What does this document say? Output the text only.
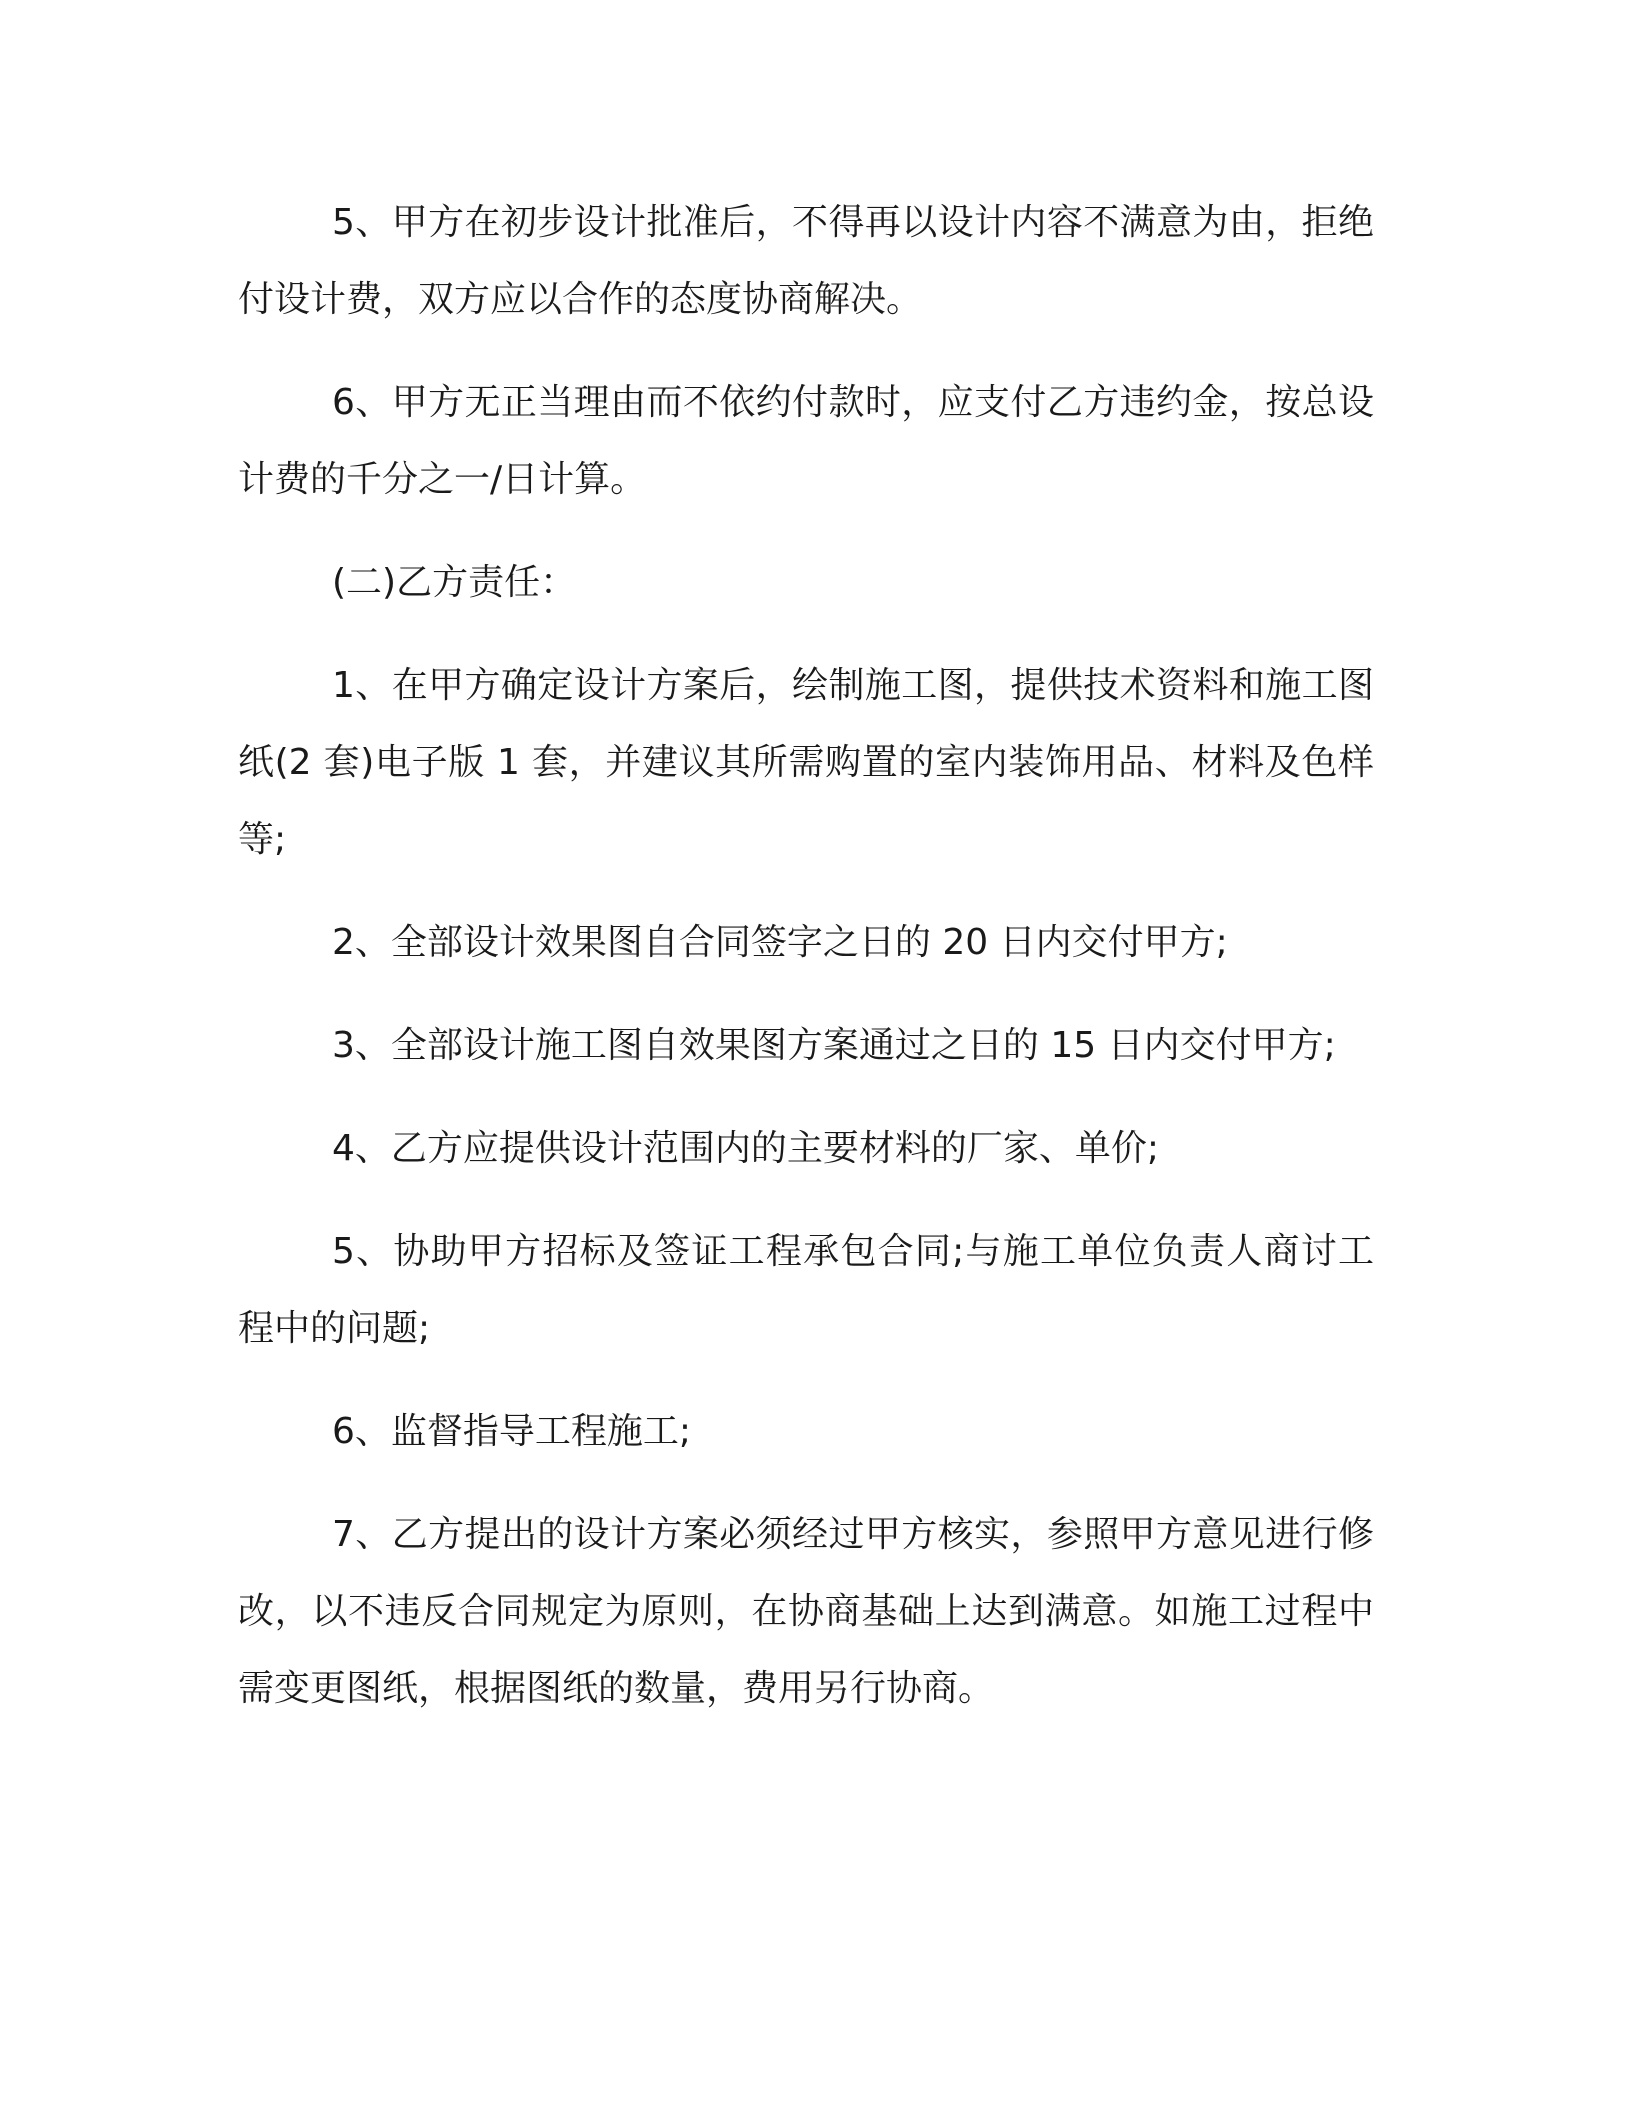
5、甲方在初步设计批准后，不得再以设计内容不满意为由，拒绝付设计费，双方应以合作的态度协商解决。

6、甲方无正当理由而不依约付款时，应支付乙方违约金，按总设计费的千分之一/日计算。

(二)乙方责任：

1、在甲方确定设计方案后，绘制施工图，提供技术资料和施工图纸(2 套)电子版 1 套，并建议其所需购置的室内装饰用品、材料及色样等;

2、全部设计效果图自合同签字之日的 20 日内交付甲方;

3、全部设计施工图自效果图方案通过之日的 15 日内交付甲方;

4、乙方应提供设计范围内的主要材料的厂家、单价;

5、协助甲方招标及签证工程承包合同;与施工单位负责人商讨工程中的问题;

6、监督指导工程施工;

7、乙方提出的设计方案必须经过甲方核实，参照甲方意见进行修改，以不违反合同规定为原则，在协商基础上达到满意。如施工过程中需变更图纸，根据图纸的数量，费用另行协商。
